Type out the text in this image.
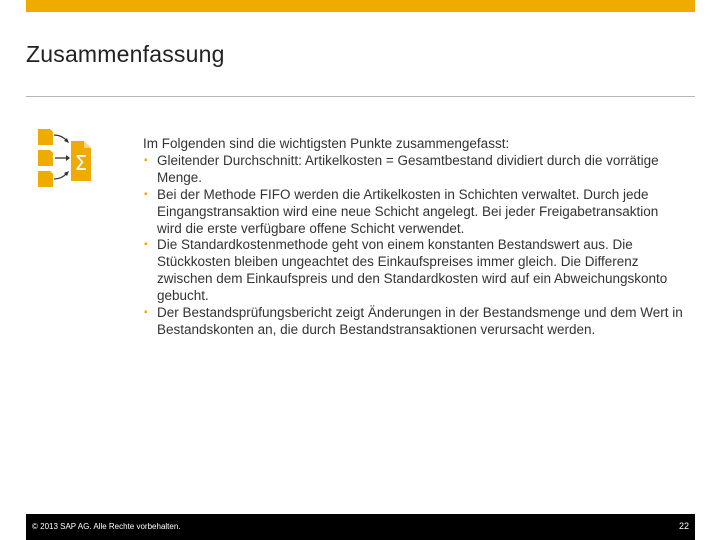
Zusammenfassung
Σ

Im Folgenden sind die wichtigsten Punkte zusammengefasst:

▪ Gleitender Durchschnitt: Artikelkosten = Gesamtbestand dividiert durch die vorrätige Menge.
▪ Bei der Methode FIFO werden die Artikelkosten in Schichten verwaltet. Durch jede Eingangstransaktion wird eine neue Schicht angelegt. Bei jeder Freigabetransaktion wird die erste verfügbare offene Schicht verwendet.
▪ Die Standardkostenmethode geht von einem konstanten Bestandswert aus. Die Stückkosten bleiben ungeachtet des Einkaufspreises immer gleich. Die Differenz zwischen dem Einkaufspreis und den Standardkosten wird auf ein Abweichungskonto gebucht.
▪ Der Bestandsprüfungsbericht zeigt Änderungen in der Bestandsmenge und dem Wert in Bestandskonten an, die durch Bestandstransaktionen verursacht werden.
© 2013 SAP AG. Alle Rechte vorbehalten.	22
